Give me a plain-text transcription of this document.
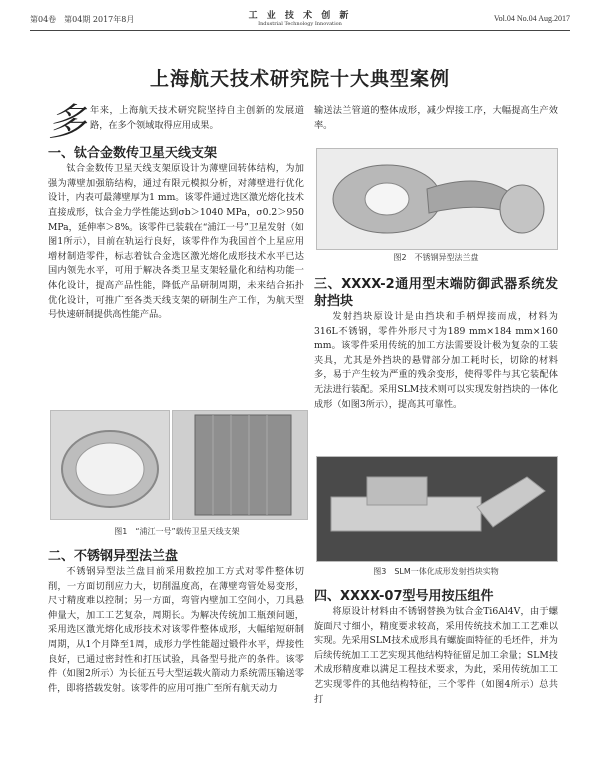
第04卷　第04期 2017年8月	工 业 技 术 创 新
Industrial Technology Innovation
Vol.04 No.04 Aug.2017
上海航天技术研究院十大典型案例

多年来，上海航天技术研究院坚持自主创新的发展道路，在多个领域取得应用成果。

一、钛合金数传卫星天线支架

钛合金数传卫星天线支架原设计为薄壁回转体结构，为加强为薄壁加强筋结构，通过有限元模拟分析，对薄壁进行优化设计，内表可最薄壁厚为1 mm。该零件通过选区激光熔化技术直接成形，钛合金力学性能达到σb＞1040 MPa，σ0.2＞950 MPa，延伸率＞8%。该零件已装载在“浦江一号”卫星发射（如图1所示），目前在轨运行良好，该零件作为我国首个上星应用增材制造零件，标志着钛合金选区激光熔化成形技术水平已达国内领先水平，可用于解决各类卫星支架轻量化和结构功能一体化设计，提高产品性能，降低产品研制周期，未来结合拓扑优化设计，可推广至各类天线支架的研制生产工作，为航天型号快速研制提供高性能产品。

图1　“浦江一号”载传卫星天线支架
二、不锈钢异型法兰盘

不锈钢异型法兰盘目前采用数控加工方式对零件整体切削，一方面切削应力大，切削温度高，在薄壁弯管处易变形，尺寸精度难以控制；另一方面，弯管内壁加工空间小，刀具悬伸量大，加工工艺复杂，周期长。为解决传统加工瓶颈问题，采用选区激光熔化成形技术对该零件整体成形，大幅缩短研制周期，从1个月降至1周，成形力学性能超过锻件水平，焊接性良好，已通过密封性和打压试验，具备型号批产的条件。该零件（如图2所示）为长征五号大型运载火箭动力系统需压输送零件，即将搭载发射。该零件的应用可推广至所有航天动力

输送法兰管道的整体成形，减少焊接工序，大幅提高生产效率。

图2　不锈钢异型法兰盘
三、XXXX-2通用型末端防御武器系统发射挡块

发射挡块原设计是由挡块和手柄焊接而成，材料为316L不锈钢，零件外形尺寸为189 mm×184 mm×160 mm。该零件采用传统的加工方法需要设计极为复杂的工装夹具，尤其是外挡块的悬臂部分加工耗时长，切除的材料多，易于产生较为严重的残余变形，使得零件与其它装配体无法进行装配。采用SLM技术则可以实现发射挡块的一体化成形（如图3所示），提高其可靠性。

图3　SLM一体化成形发射挡块实物
四、XXXX-07型号用按压组件

将原设计材料由不锈钢替换为钛合金Ti6Al4V，由于螺旋面尺寸细小，精度要求较高，采用传统技术加工工艺难以实现。先采用SLM技术成形具有螺旋面特征的毛坯件，并为后续传统加工工艺实现其他结构特征留足加工余量；SLM技术成形精度难以满足工程技术要求，为此，采用传统加工工艺实现零件的其他结构特征，三个零件（如图4所示）总共打
